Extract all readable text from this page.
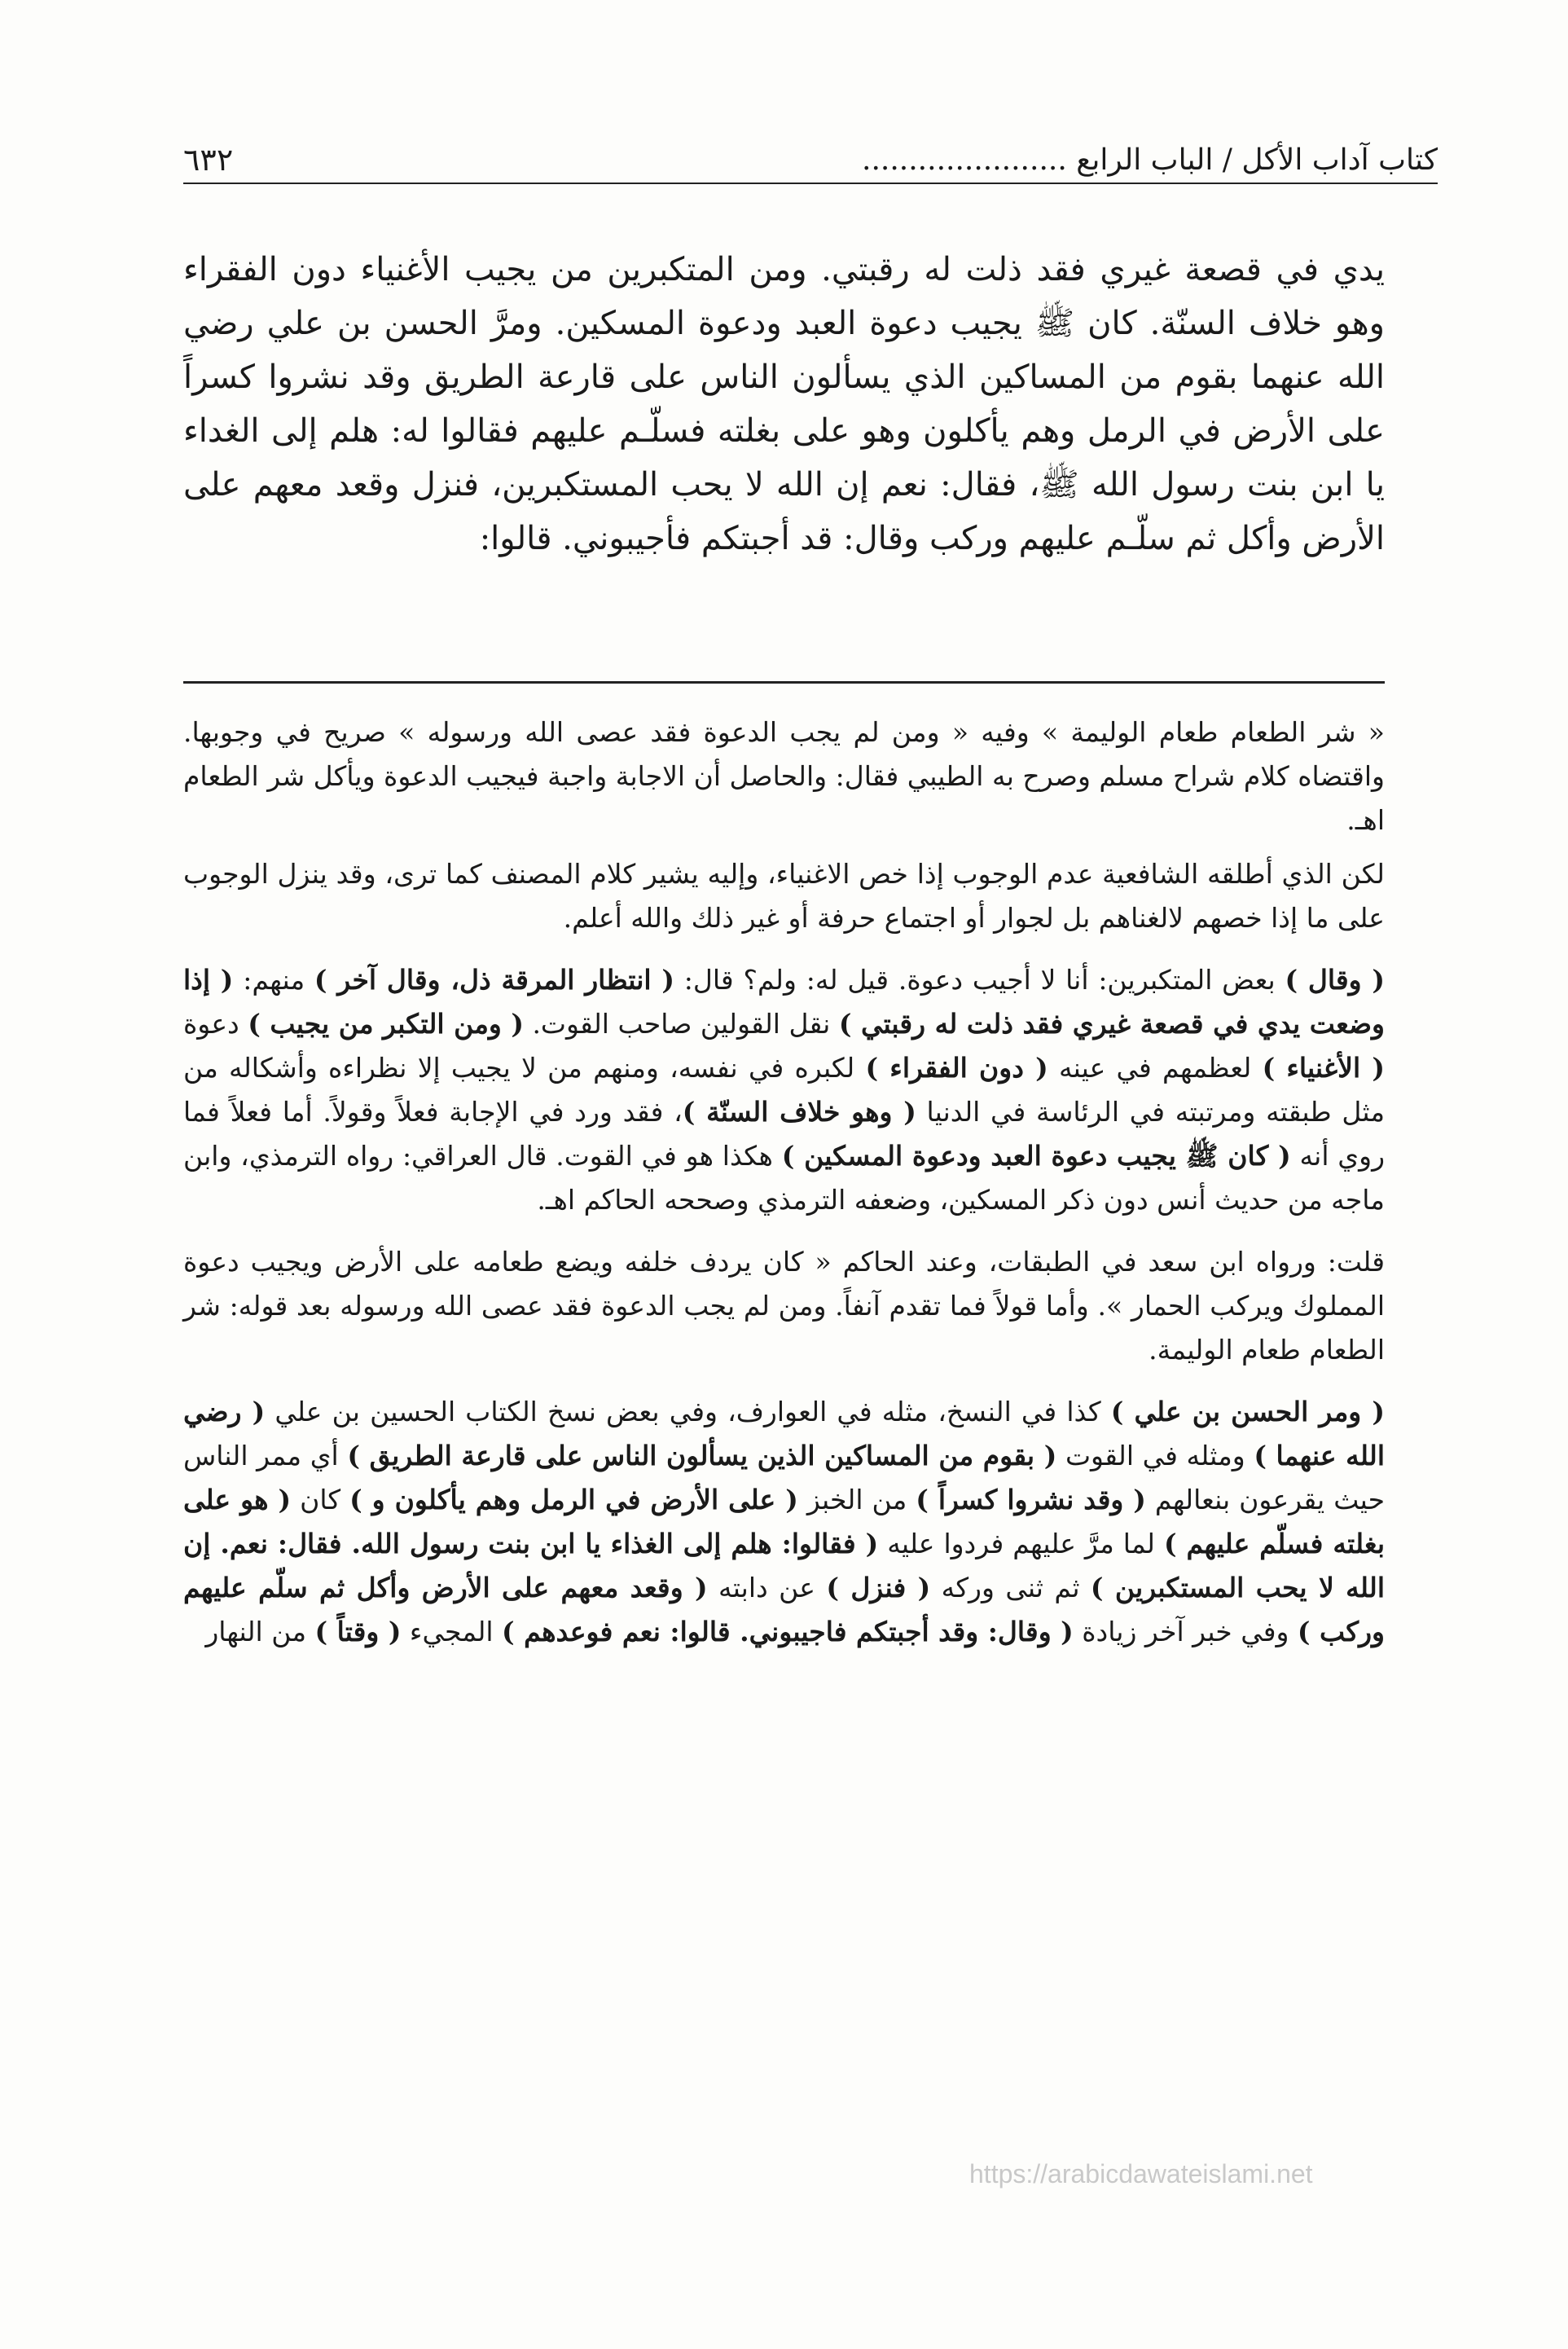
كتاب آداب الأكل / الباب الرابع ......................
٦٣٢

يدي في قصعة غيري فقد ذلت له رقبتي. ومن المتكبرين من يجيب الأغنياء دون الفقراء وهو خلاف السنّة. كان ﷺ يجيب دعوة العبد ودعوة المسكين. ومرَّ الحسن بن علي رضي الله عنهما بقوم من المساكين الذي يسألون الناس على قارعة الطريق وقد نشروا كسراً على الأرض في الرمل وهم يأكلون وهو على بغلته فسلّـم عليهم فقالوا له: هلم إلى الغداء يا ابن بنت رسول الله ﷺ، فقال: نعم إن الله لا يحب المستكبرين، فنزل وقعد معهم على الأرض وأكل ثم سلّـم عليهم وركب وقال: قد أجبتكم فأجيبوني. قالوا:

« شر الطعام طعام الوليمة » وفيه « ومن لم يجب الدعوة فقد عصى الله ورسوله » صريح في وجوبها. واقتضاه كلام شراح مسلم وصرح به الطيبي فقال: والحاصل أن الاجابة واجبة فيجيب الدعوة ويأكل شر الطعام اهـ.

لكن الذي أطلقه الشافعية عدم الوجوب إذا خص الاغنياء، وإليه يشير كلام المصنف كما ترى، وقد ينزل الوجوب على ما إذا خصهم لالغناهم بل لجوار أو اجتماع حرفة أو غير ذلك والله أعلم.

( وقال ) بعض المتكبرين: أنا لا أجيب دعوة. قيل له: ولم؟ قال: ( انتظار المرقة ذل، وقال آخر ) منهم: ( إذا وضعت يدي في قصعة غيري فقد ذلت له رقبتي ) نقل القولين صاحب القوت. ( ومن التكبر من يجيب ) دعوة ( الأغنياء ) لعظمهم في عينه ( دون الفقراء ) لكبره في نفسه، ومنهم من لا يجيب إلا نظراءه وأشكاله من مثل طبقته ومرتبته في الرئاسة في الدنيا ( وهو خلاف السنّة )، فقد ورد في الإجابة فعلاً وقولاً. أما فعلاً فما روي أنه ( كان ﷺ يجيب دعوة العبد ودعوة المسكين ) هكذا هو في القوت. قال العراقي: رواه الترمذي، وابن ماجه من حديث أنس دون ذكر المسكين، وضعفه الترمذي وصححه الحاكم اهـ.

قلت: ورواه ابن سعد في الطبقات، وعند الحاكم « كان يردف خلفه ويضع طعامه على الأرض ويجيب دعوة المملوك ويركب الحمار ». وأما قولاً فما تقدم آنفاً. ومن لم يجب الدعوة فقد عصى الله ورسوله بعد قوله: شر الطعام طعام الوليمة.

( ومر الحسن بن علي ) كذا في النسخ، مثله في العوارف، وفي بعض نسخ الكتاب الحسين بن علي ( رضي الله عنهما ) ومثله في القوت ( بقوم من المساكين الذين يسألون الناس على قارعة الطريق ) أي ممر الناس حيث يقرعون بنعالهم ( وقد نشروا كسراً ) من الخبز ( على الأرض في الرمل وهم يأكلون و ) كان ( هو على بغلته فسلّم عليهم ) لما مرَّ عليهم فردوا عليه ( فقالوا: هلم إلى الغذاء يا ابن بنت رسول الله. فقال: نعم. إن الله لا يحب المستكبرين ) ثم ثنى وركه ( فنزل ) عن دابته ( وقعد معهم على الأرض وأكل ثم سلّم عليهم وركب ) وفي خبر آخر زيادة ( وقال: وقد أجبتكم فاجيبوني. قالوا: نعم فوعدهم ) المجيء ( وقتاً ) من النهار

https://arabicdawateislami.net
